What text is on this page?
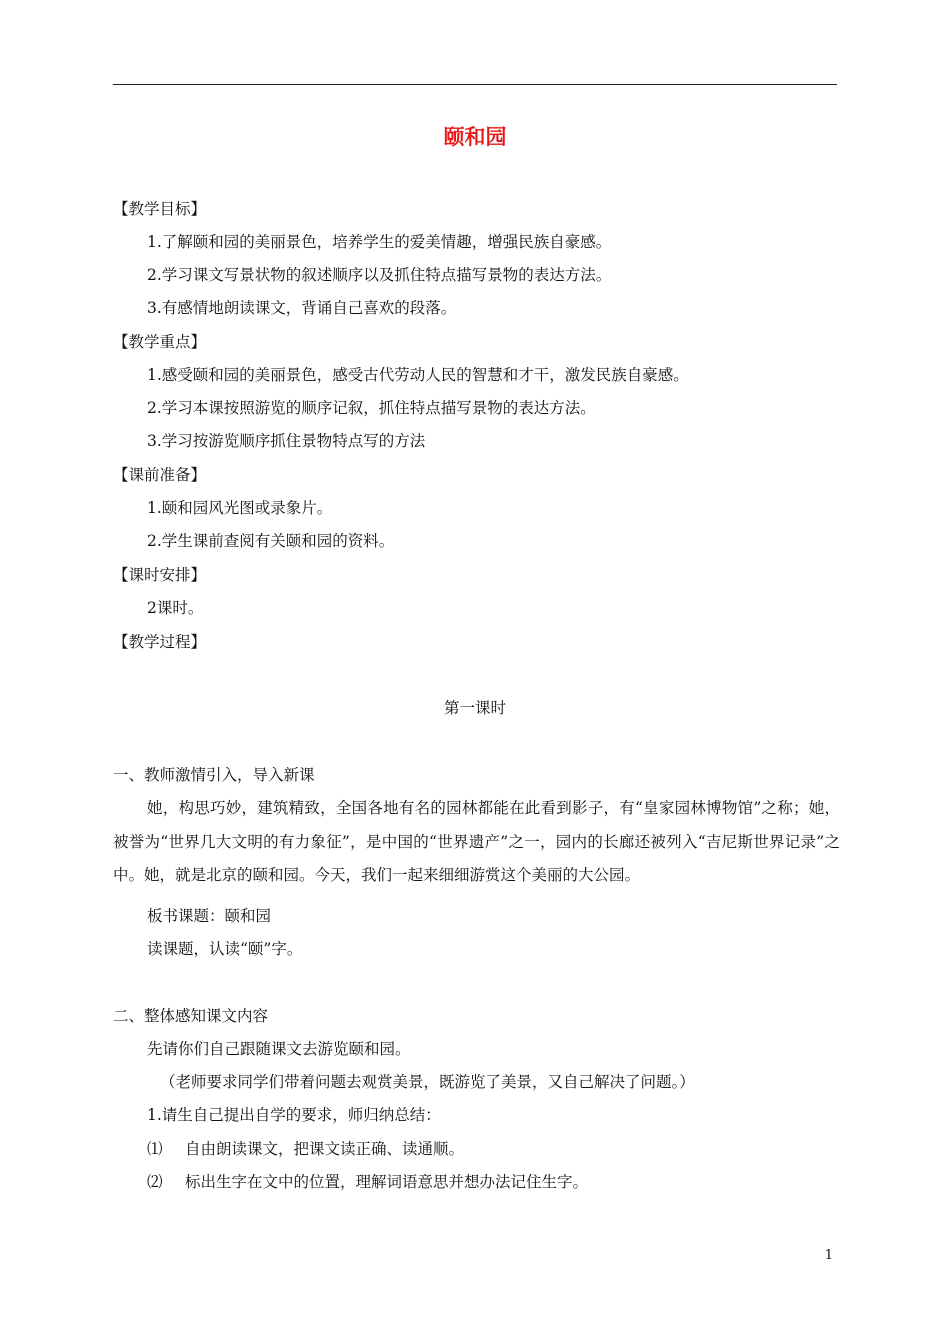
颐和园
【教学目标】
1.了解颐和园的美丽景色，培养学生的爱美情趣，增强民族自豪感。
2.学习课文写景状物的叙述顺序以及抓住特点描写景物的表达方法。
3.有感情地朗读课文，背诵自己喜欢的段落。
【教学重点】
1.感受颐和园的美丽景色，感受古代劳动人民的智慧和才干，激发民族自豪感。
2.学习本课按照游览的顺序记叙，抓住特点描写景物的表达方法。
3.学习按游览顺序抓住景物特点写的方法
【课前准备】
1.颐和园风光图或录象片。
2.学生课前查阅有关颐和园的资料。
【课时安排】
2课时。
【教学过程】
第一课时
一、教师激情引入，导入新课
她，构思巧妙，建筑精致，全国各地有名的园林都能在此看到影子，有“皇家园林博物馆”之称；她，被誉为“世界几大文明的有力象征”，是中国的“世界遗产”之一，园内的长廊还被列入“吉尼斯世界记录”之中。她，就是北京的颐和园。今天，我们一起来细细游赏这个美丽的大公园。
板书课题：颐和园
读课题，认读“颐”字。
二、整体感知课文内容
先请你们自己跟随课文去游览颐和园。
（老师要求同学们带着问题去观赏美景，既游览了美景，又自己解决了问题。）
1.请生自己提出自学的要求，师归纳总结：
⑴ 自由朗读课文，把课文读正确、读通顺。
⑵ 标出生字在文中的位置，理解词语意思并想办法记住生字。
1
